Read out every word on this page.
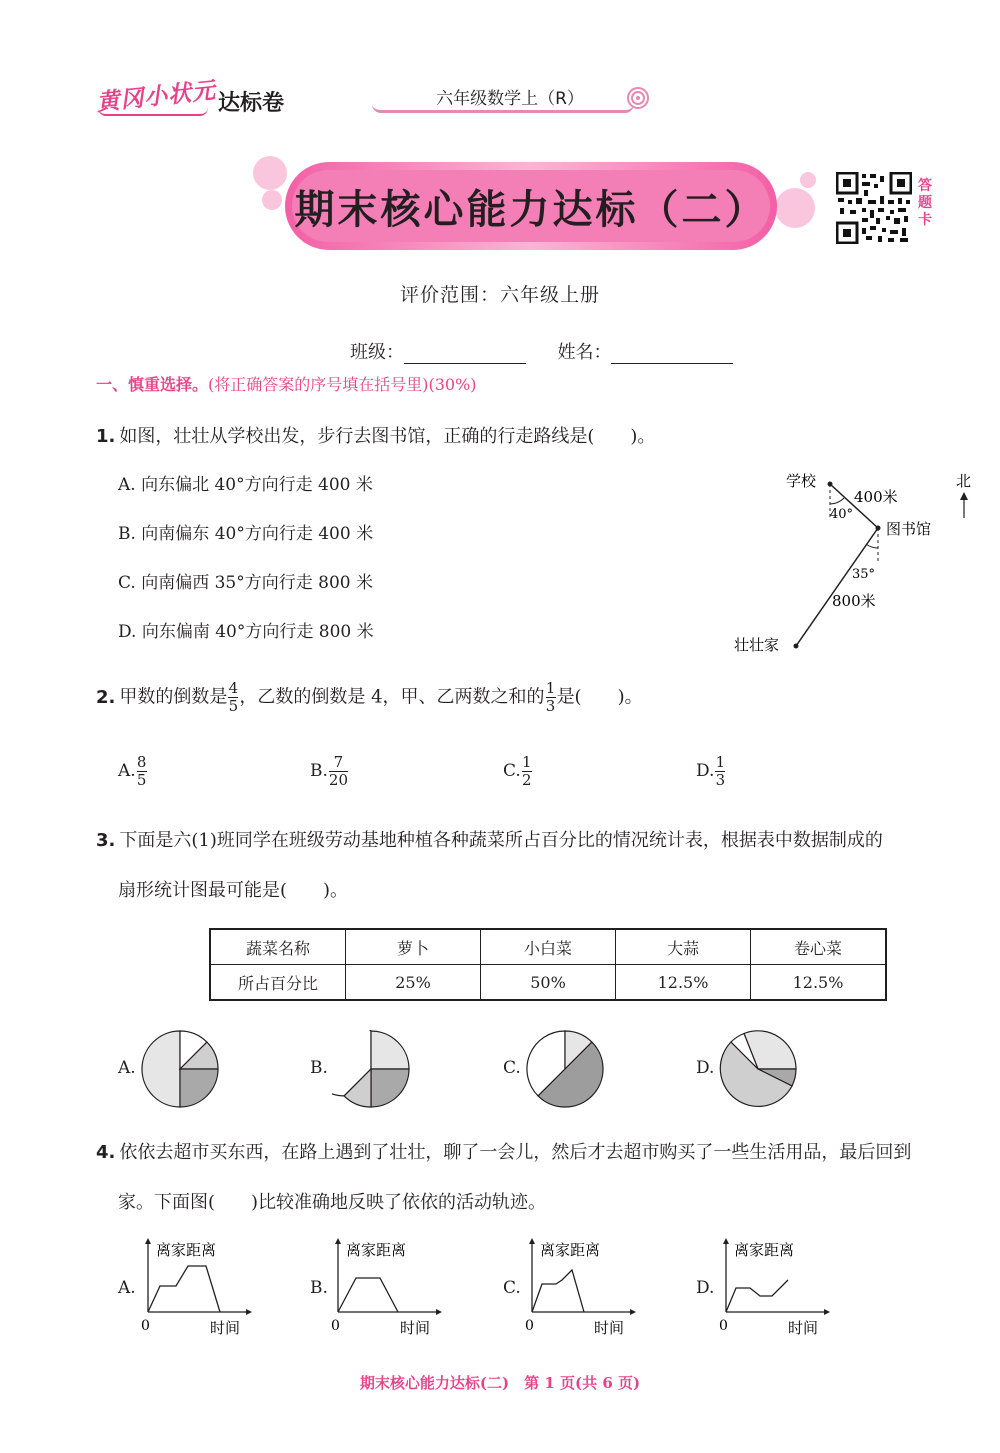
黄冈小状元 达标卷	六年级数学上（R）
期末核心能力达标（二）
答题卡
评价范围：六年级上册
班级：	姓名：
一、慎重选择。(将正确答案的序号填在括号里)(30%)
1. 如图，壮壮从学校出发，步行去图书馆，正确的行走路线是(　　)。
A. 向东偏北 40°方向行走 400 米
B. 向南偏东 40°方向行走 400 米
C. 向南偏西 35°方向行走 800 米
D. 向东偏南 40°方向行走 800 米
学校
400米
40°
图书馆
35°
800米
壮壮家
北
2. 甲数的倒数是 $\frac{4}{5}$ ，乙数的倒数是 4，甲、乙两数之和的 $\frac{1}{3}$ 是(　　)。
A. $\frac{8}{5}$	B. $\frac{7}{20}$	C. $\frac{1}{2}$	D. $\frac{1}{3}$
3. 下面是六(1)班同学在班级劳动基地种植各种蔬菜所占百分比的情况统计表，根据表中数据制成的
扇形统计图最可能是(　　)。
蔬菜名称	萝卜	小白菜	大蒜	卷心菜
所占百分比	25%	50%	12.5%	12.5%
A.	B.	C.	D.
4. 依依去超市买东西，在路上遇到了壮壮，聊了一会儿，然后才去超市购买了一些生活用品，最后回到
家。下面图(　　)比较准确地反映了依依的活动轨迹。
A.
离家距离
0	时间
B.
离家距离
0	时间
C.
离家距离
0	时间
D.
离家距离
0	时间
期末核心能力达标(二)　第 1 页(共 6 页)
